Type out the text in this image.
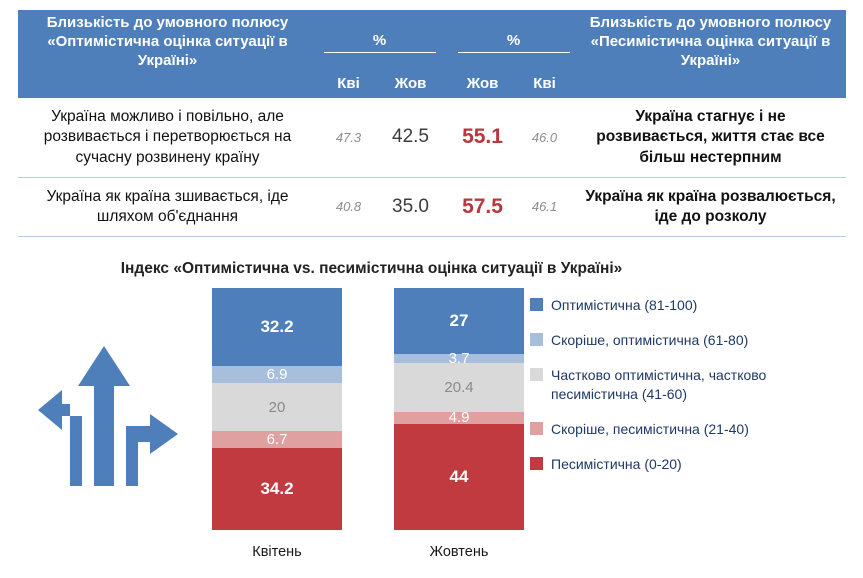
Близькість до умовного полюсу «Оптимістична оцінка ситуації в Україні»	%			%		Близькість до умовного полюсу «Песимістична оцінка ситуації в Україні»
	Кві	Жов		Жов	Кві	
Україна можливо і повільно, але розвивається і перетворюється на сучасну розвинену країну	47.3	42.5		55.1	46.0	Україна стагнує і не розвивається, життя стає все більш нестерпним
Україна як країна зшивається, іде шляхом об'єднання	40.8	35.0		57.5	46.1	Україна як країна розвалюється, іде до розколу
Індекс «Оптимістична vs. песимістична оцінка ситуації в Україні»
32.2
6.9
20
6.7
34.2
Квітень
27
3.7
20.4
4.9
44
Жовтень
Оптимістична (81-100)
Скоріше, оптимістична (61-80)
Частково оптимістична, частково песимістична (41-60)
Скоріше, песимістична (21-40)
Песимістична (0-20)
